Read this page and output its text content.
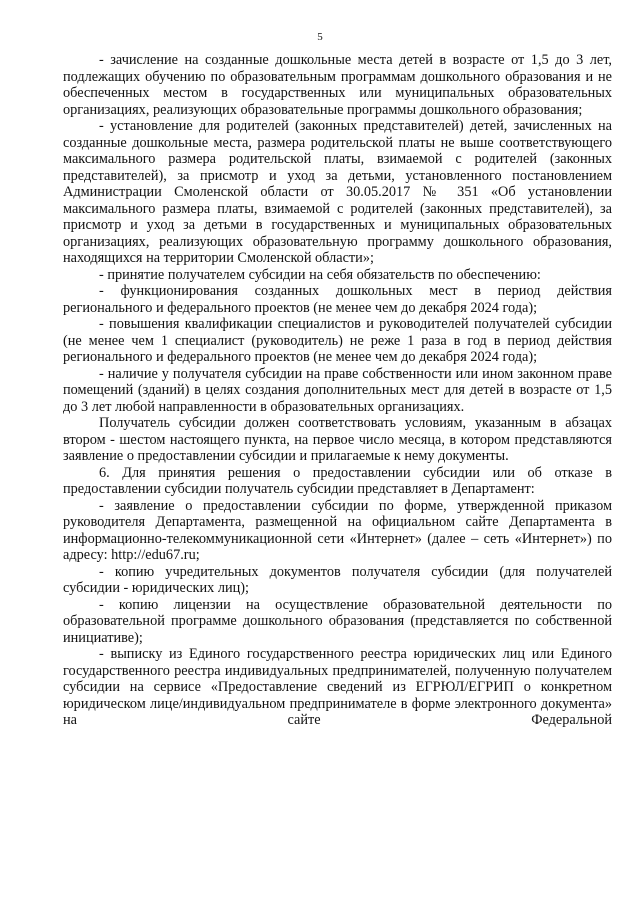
5

- зачисление на созданные дошкольные места детей в возрасте от 1,5 до 3 лет, подлежащих обучению по образовательным программам дошкольного образования и не обеспеченных местом в государственных или муниципальных образовательных организациях, реализующих образовательные программы дошкольного образования;

- установление для родителей (законных представителей) детей, зачисленных на созданные дошкольные места, размера родительской платы не выше соответствующего максимального размера родительской платы, взимаемой с родителей (законных представителей), за присмотр и уход за детьми, установленного постановлением Администрации Смоленской области от 30.05.2017 № 351 «Об установлении максимального размера платы, взимаемой с родителей (законных представителей), за присмотр и уход за детьми в государственных и муниципальных образовательных организациях, реализующих образовательную программу дошкольного образования, находящихся на территории Смоленской области»;

- принятие получателем субсидии на себя обязательств по обеспечению:

- функционирования созданных дошкольных мест в период действия регионального и федерального проектов (не менее чем до декабря 2024 года);

- повышения квалификации специалистов и руководителей получателей субсидии (не менее чем 1 специалист (руководитель) не реже 1 раза в год в период действия регионального и федерального проектов (не менее чем до декабря 2024 года);

- наличие у получателя субсидии на праве собственности или ином законном праве помещений (зданий) в целях создания дополнительных мест для детей в возрасте от 1,5 до 3 лет любой направленности в образовательных организациях.

Получатель субсидии должен соответствовать условиям, указанным в абзацах втором - шестом настоящего пункта, на первое число месяца, в котором представляются заявление о предоставлении субсидии и прилагаемые к нему документы.

6. Для принятия решения о предоставлении субсидии или об отказе в предоставлении субсидии получатель субсидии представляет в Департамент:

- заявление о предоставлении субсидии по форме, утвержденной приказом руководителя Департамента, размещенной на официальном сайте Департамента в информационно-телекоммуникационной сети «Интернет» (далее – сеть «Интернет») по адресу: http://edu67.ru;

- копию учредительных документов получателя субсидии (для получателей субсидии - юридических лиц);

- копию лицензии на осуществление образовательной деятельности по образовательной программе дошкольного образования (представляется по собственной инициативе);

- выписку из Единого государственного реестра юридических лиц или Единого государственного реестра индивидуальных предпринимателей, полученную получателем субсидии на сервисе «Предоставление сведений из ЕГРЮЛ/ЕГРИП о конкретном юридическом лице/индивидуальном предпринимателе в форме электронного документа» на сайте Федеральной
